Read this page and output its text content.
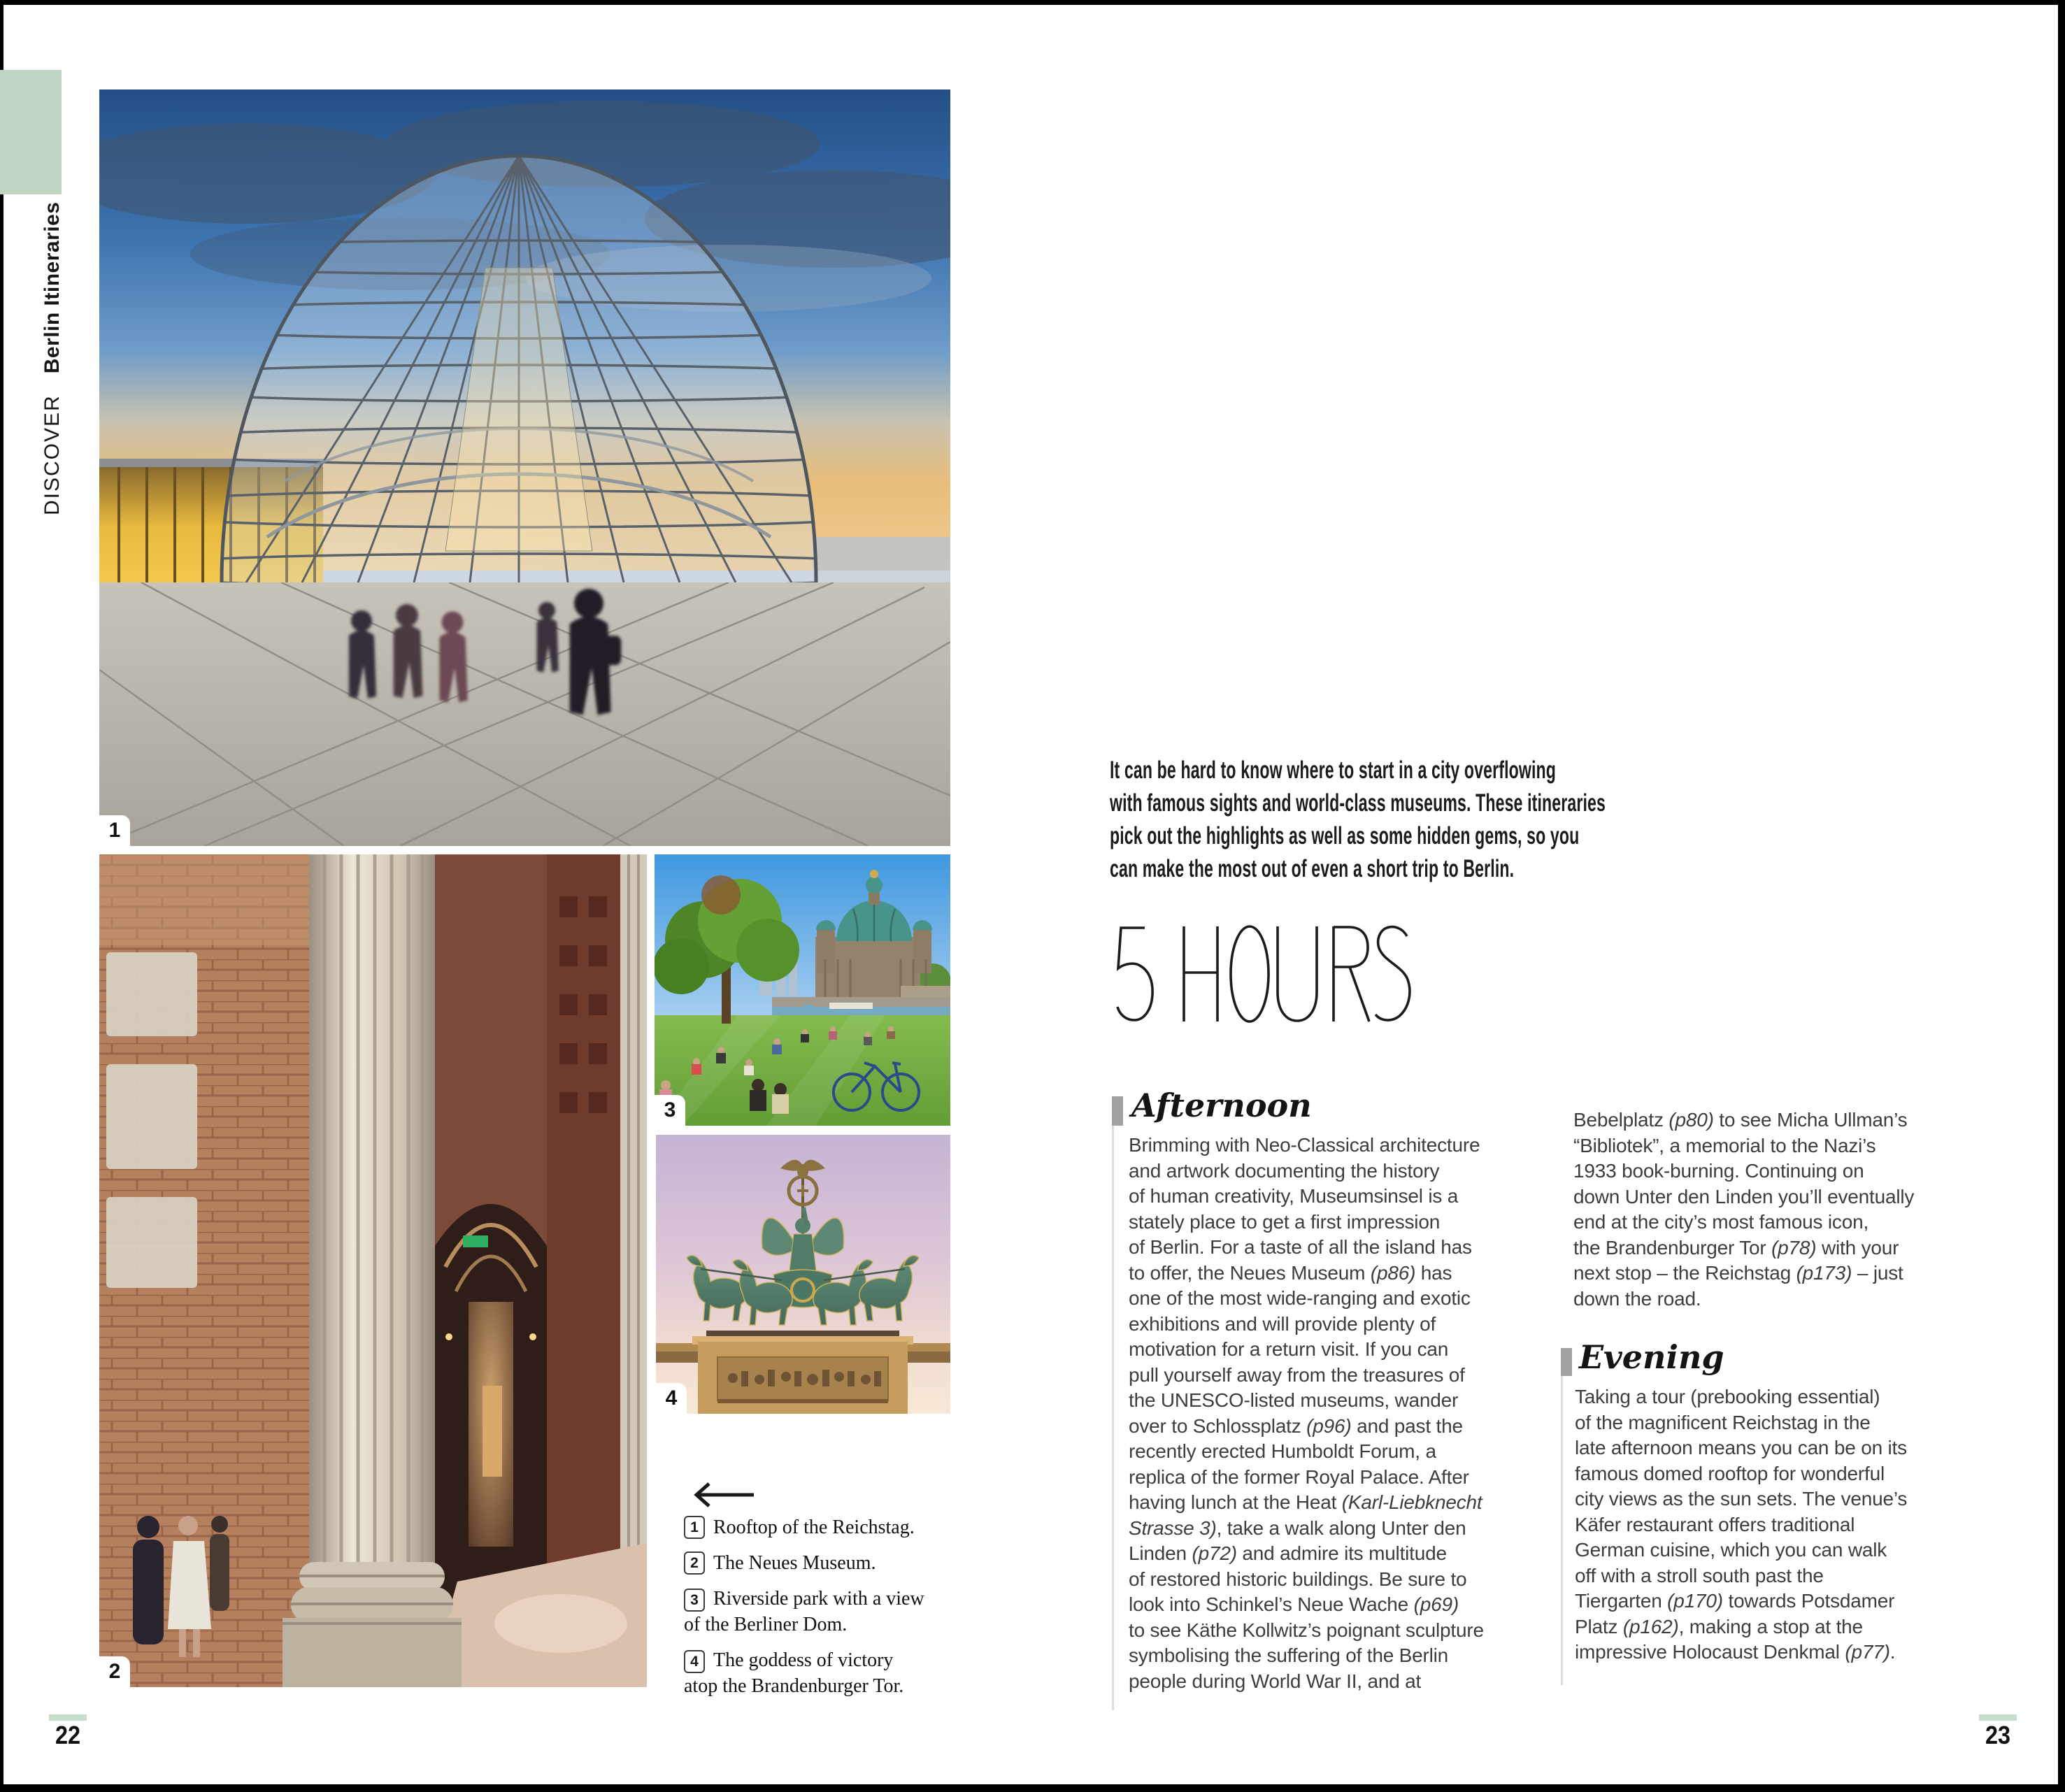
DISCOVERBerlin Itineraries
1
2
3
4
1 Rooftop of the Reichstag.
2 The Neues Museum.
3 Riverside park with a view
of the Berliner Dom.
4 The goddess of victory
atop the Brandenburger Tor.
22
It can be hard to know where to start in a city overflowing
with famous sights and world-class museums. These itineraries
pick out the highlights as well as some hidden gems, so you
can make the most out of even a short trip to Berlin.
Afternoon
Brimming with Neo-Classical architecture
and artwork documenting the history
of human creativity, Museumsinsel is a
stately place to get a first impression
of Berlin. For a taste of all the island has
to offer, the Neues Museum (p86) has
one of the most wide-ranging and exotic
exhibitions and will provide plenty of
motivation for a return visit. If you can
pull yourself away from the treasures of
the UNESCO-listed museums, wander
over to Schlossplatz (p96) and past the
recently erected Humboldt Forum, a
replica of the former Royal Palace. After
having lunch at the Heat (Karl-Liebknecht
Strasse 3), take a walk along Unter den
Linden (p72) and admire its multitude
of restored historic buildings. Be sure to
look into Schinkel’s Neue Wache (p69)
to see Käthe Kollwitz’s poignant sculpture
symbolising the suffering of the Berlin
people during World War II, and at
Bebelplatz (p80) to see Micha Ullman’s
“Bibliotek”, a memorial to the Nazi’s
1933 book-burning. Continuing on
down Unter den Linden you’ll eventually
end at the city’s most famous icon,
the Brandenburger Tor (p78) with your
next stop – the Reichstag (p173) – just
down the road.
Evening
Taking a tour (prebooking essential)
of the magnificent Reichstag in the
late afternoon means you can be on its
famous domed rooftop for wonderful
city views as the sun sets. The venue’s
Käfer restaurant offers traditional
German cuisine, which you can walk
off with a stroll south past the
Tiergarten (p170) towards Potsdamer
Platz (p162), making a stop at the
impressive Holocaust Denkmal (p77).
23
